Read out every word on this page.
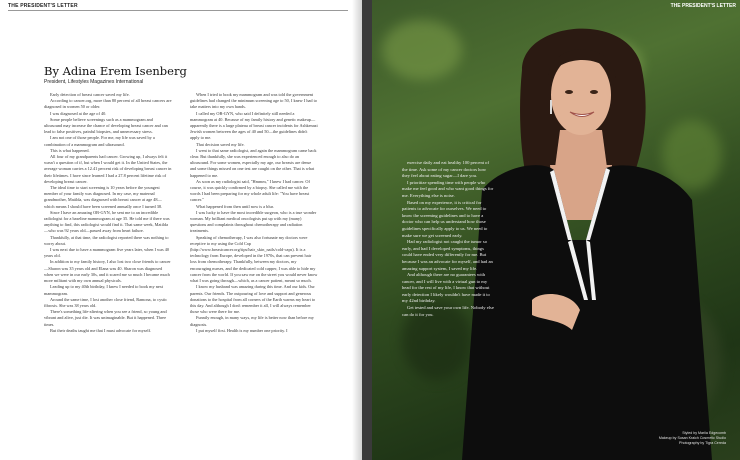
THE PRESIDENT'S LETTER
By Adina Erem Isenberg
President, Lifestyles Magazines International

Early detection of breast cancer saved my life.

According to cancer.org, more than 80 percent of all breast cancers are diagnosed in women 50 or older.

I was diagnosed at the age of 40.

Some people believe screenings such as a mammogram and ultrasound may increase the chance of developing breast cancer and can lead to false positives, painful biopsies, and unnecessary stress.

I am not one of those people. For me, my life was saved by a combination of a mammogram and ultrasound.

This is what happened.

All four of my grandparents had cancer. Growing up, I always felt it wasn't a question of if, but when I would get it. In the United States, the average woman carries a 12.41 percent risk of developing breast cancer in their lifetimes. I have since learned I had a 27.8 percent lifetime risk of developing breast cancer.

The ideal time to start screening is 10 years before the youngest member of your family was diagnosed. In my case, my maternal grandmother, Matilda, was diagnosed with breast cancer at age 48—which means I should have been screened annually once I turned 38.

Since I have an amazing OB-GYN, he sent me to an incredible radiologist for a baseline mammogram at age 35. He told me if there was anything to find, this radiologist would find it. That same week, Matilda—who was 92 years old—passed away from heart failure.

Thankfully, at that time, the radiologist reported there was nothing to worry about.

I was next due to have a mammogram five years later, when I was 40 years old.

In addition to my family history, I also lost two close friends to cancer—Sharon was 35 years old and Elana was 40. Sharon was diagnosed when we were in our early 30s, and it scared me so much I became much more militant with my own annual physicals.

Leading up to my 40th birthday, I knew I needed to book my next mammogram.

Around the same time, I lost another close friend, Ramona, to cystic fibrosis. She was 38 years old.

There's something life-altering when you see a friend, so young and vibrant and alive, just die. It was unimaginable. But it happened. Three times.

But their deaths taught me that I must advocate for myself.

When I tried to book my mammogram and was told the government guidelines had changed the minimum screening age to 50, I knew I had to take matters into my own hands.

I called my OB-GYN, who said I definitely still needed a mammogram at 40. Because of my family history and genetic makeup—apparently there is a large plateau of breast cancer incidents for Ashkenazi Jewish women between the ages of 40 and 50—the guidelines didn't apply to me.

That decision saved my life.

I went to that same radiologist, and again the mammogram came back clear. But thankfully, she was experienced enough to also do an ultrasound. For some women, especially my age, our breasts are dense and some things missed on one test are caught on the other. That is what happened to me.

As soon as my radiologist said, "Hmmm," I knew I had cancer. Of course, it was quickly confirmed by a biopsy. She called me with the words I had been preparing for my whole adult life: "You have breast cancer."

What happened from then until now is a blur.

I was lucky to have the most incredible surgeon, who is a true wonder woman. My brilliant medical oncologists put up with my (many) questions and complaints throughout chemotherapy and radiation treatments.

Speaking of chemotherapy, I was also fortunate my doctors were receptive to my using the Cold Cap (http://www.breastcancer.org/tips/hair_skin_nails/cold-caps). It is a technology from Europe, developed in the 1970s, that can prevent hair loss from chemotherapy. Thankfully, between my doctors, my encouraging nurses, and the dedicated cold capper, I was able to hide my cancer from the world. If you saw me on the street you would never know what I was going through—which, as a cancer patient, meant so much.

I know my husband was amazing during this time. And our kids. Our parents. Our friends. The outpouring of love and support and generous donations to the hospital from all corners of the Earth warms my heart to this day. And although I don't remember it all, I will always remember those who were there for me.

Funnily enough, in many ways, my life is better now than before my diagnosis.

I put myself first. Health is my number one priority. I

THE PRESIDENT'S LETTER

exercise daily and eat healthy 100 percent of the time. Ask some of my cancer doctors how they feel about eating sugar—I dare you.

I prioritize spending time with people who make me feel good and who want good things for me. Everything else is noise.

Based on my experience, it is critical for patients to advocate for ourselves. We need to know the screening guidelines and to have a doctor who can help us understand how those guidelines specifically apply to us. We need to make sure we get screened early.

Had my radiologist not caught the tumor so early, and had I developed symptoms, things could have ended very differently for me. But because I was an advocate for myself, and had an amazing support system, I saved my life.

And although there are no guarantees with cancer, and I will live with a virtual gun to my head for the rest of my life, I know that without early detection I likely wouldn't have made it to my 42nd birthday.

Get tested and save your own life. Nobody else can do it for you.

Styled by Mariia Edgecomb
Makeup by Susan Kraich Cosmetic Studio
Photography by Tigra Cereda
